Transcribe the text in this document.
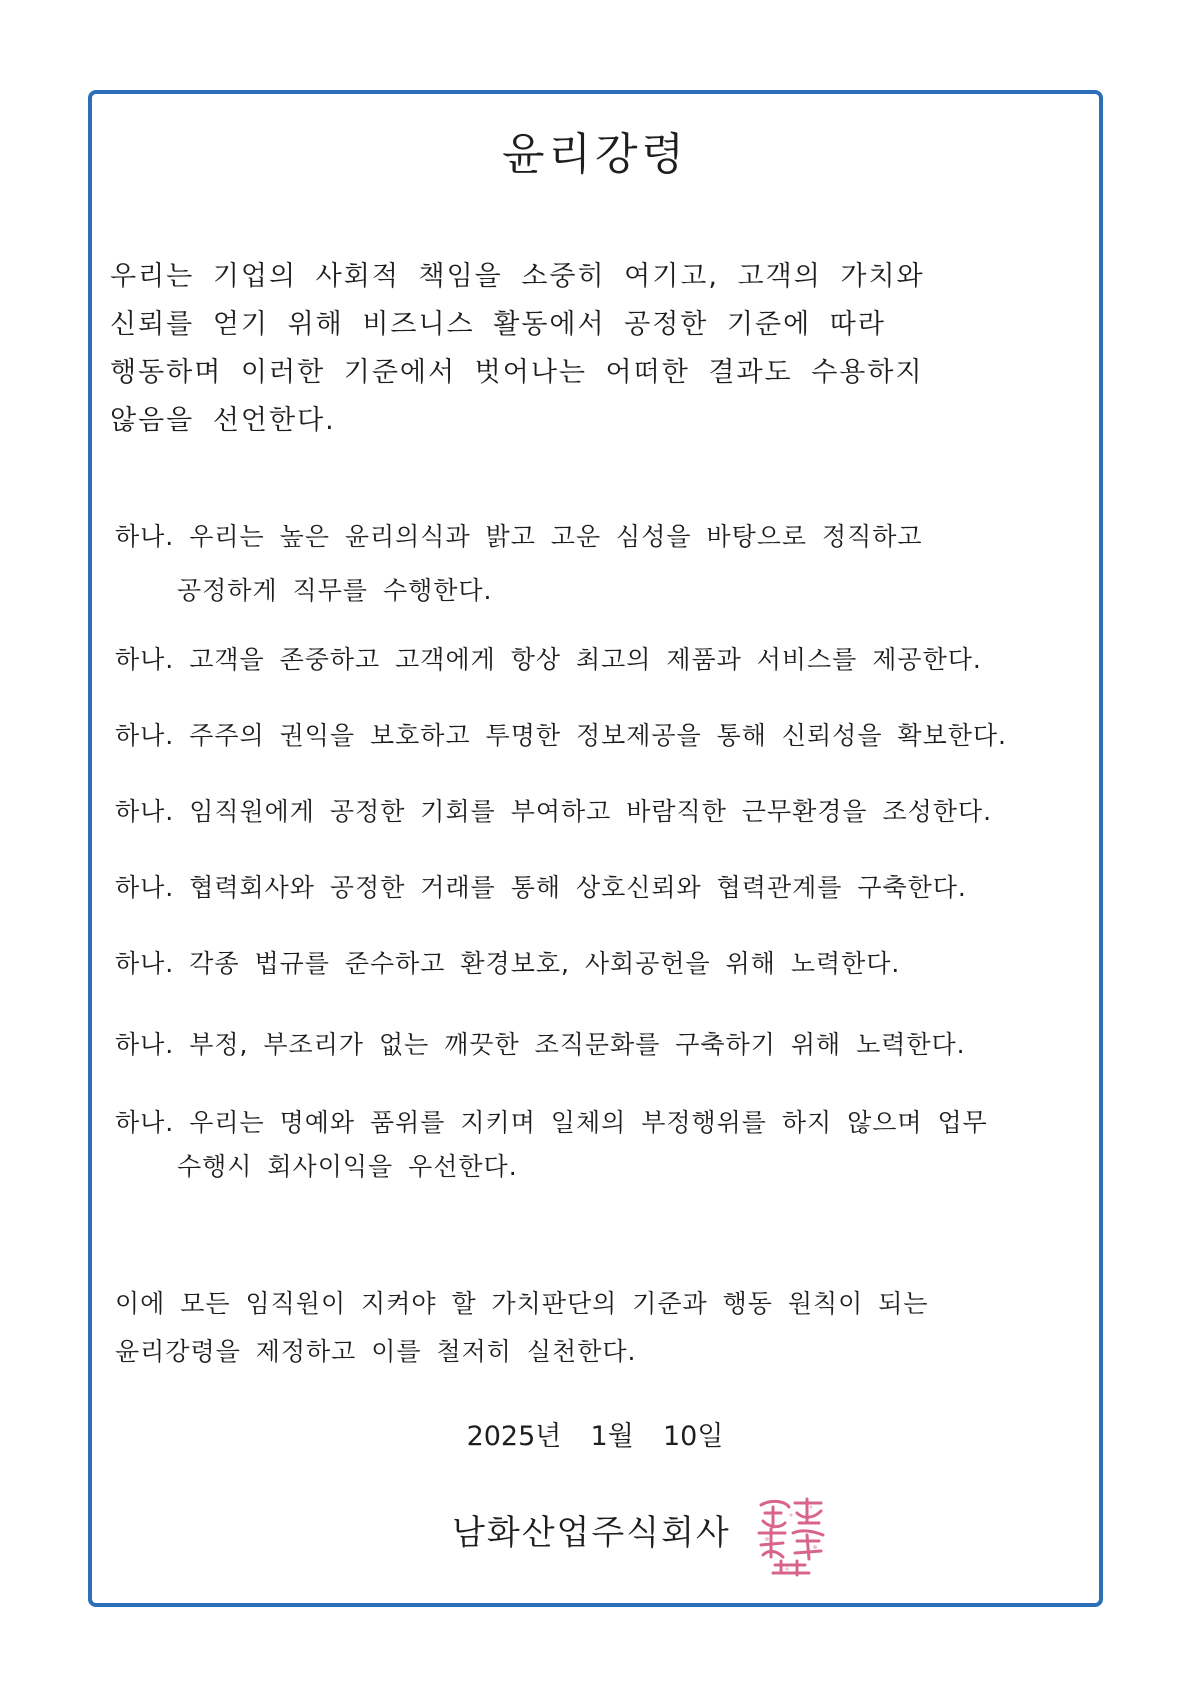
윤리강령
우리는 기업의 사회적 책임을 소중히 여기고, 고객의 가치와
신뢰를 얻기 위해 비즈니스 활동에서 공정한 기준에 따라
행동하며 이러한 기준에서 벗어나는 어떠한 결과도 수용하지
않음을 선언한다.
하나. 우리는 높은 윤리의식과 밝고 고운 심성을 바탕으로 정직하고
공정하게 직무를 수행한다.
하나. 고객을 존중하고 고객에게 항상 최고의 제품과 서비스를 제공한다.
하나. 주주의 권익을 보호하고 투명한 정보제공을 통해 신뢰성을 확보한다.
하나. 임직원에게 공정한 기회를 부여하고 바람직한 근무환경을 조성한다.
하나. 협력회사와 공정한 거래를 통해 상호신뢰와 협력관계를 구축한다.
하나. 각종 법규를 준수하고 환경보호, 사회공헌을 위해 노력한다.
하나. 부정, 부조리가 없는 깨끗한 조직문화를 구축하기 위해 노력한다.
하나. 우리는 명예와 품위를 지키며 일체의 부정행위를 하지 않으며 업무
수행시 회사이익을 우선한다.
이에 모든 임직원이 지켜야 할 가치판단의 기준과 행동 원칙이 되는
윤리강령을 제정하고 이를 철저히 실천한다.
2025년  1월  10일
남화산업주식회사
